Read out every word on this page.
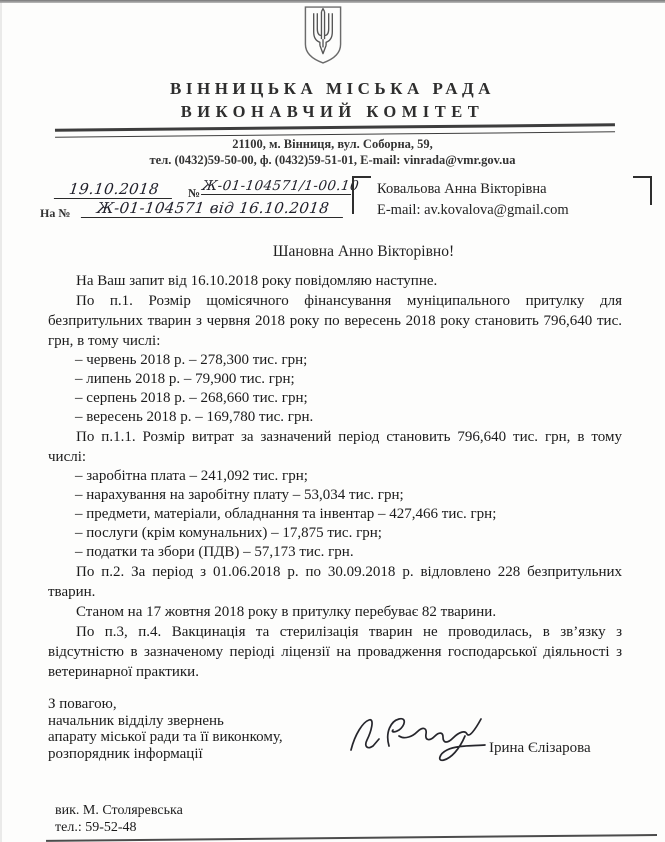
ВІННИЦЬКА МІСЬКА РАДА
ВИКОНАВЧИЙ КОМІТЕТ
21100, м. Вінниця, вул. Соборна, 59,
тел. (0432)59-50-00, ф. (0432)59-51-01, E-mail: vinrada@vmr.gov.ua
19.10.2018	№ Ж-01-104571/1-00.10
На №	Ж-01-104571 від 16.10.2018
Ковальова Анна Вікторівна
E-mail: av.kovalova@gmail.com
Шановна Анно Вікторівно!

На Ваш запит від 16.10.2018 року повідомляю наступне.

По п.1. Розмір щомісячного фінансування муніципального притулку для безпритульних тварин з червня 2018 року по вересень 2018 року становить 796,640 тис. грн, в тому числі:

– червень 2018 р. – 278,300 тис. грн;
– липень 2018 р. – 79,900 тис. грн;
– серпень 2018 р. – 268,660 тис. грн;
– вересень 2018 р. – 169,780 тис. грн.

По п.1.1. Розмір витрат за зазначений період становить 796,640 тис. грн, в тому числі:

– заробітна плата – 241,092 тис. грн;
– нарахування на заробітну плату – 53,034 тис. грн;
– предмети, матеріали, обладнання та інвентар – 427,466 тис. грн;
– послуги (крім комунальних) – 17,875 тис. грн;
– податки та збори (ПДВ) – 57,173 тис. грн.

По п.2. За період з 01.06.2018 р. по 30.09.2018 р. відловлено 228 безпритульних тварин.

Станом на 17 жовтня 2018 року в притулку перебуває 82 тварини.

По п.3, п.4. Вакцинація та стерилізація тварин не проводилась, в зв’язку з відсутністю в зазначеному періоді ліцензії на провадження господарської діяльності з ветеринарної практики.

З повагою,
начальник відділу звернень
апарату міської ради та її виконкому,
розпорядник інформації	Ірина Єлізарова
вик. М. Столяревська
тел.: 59-52-48
